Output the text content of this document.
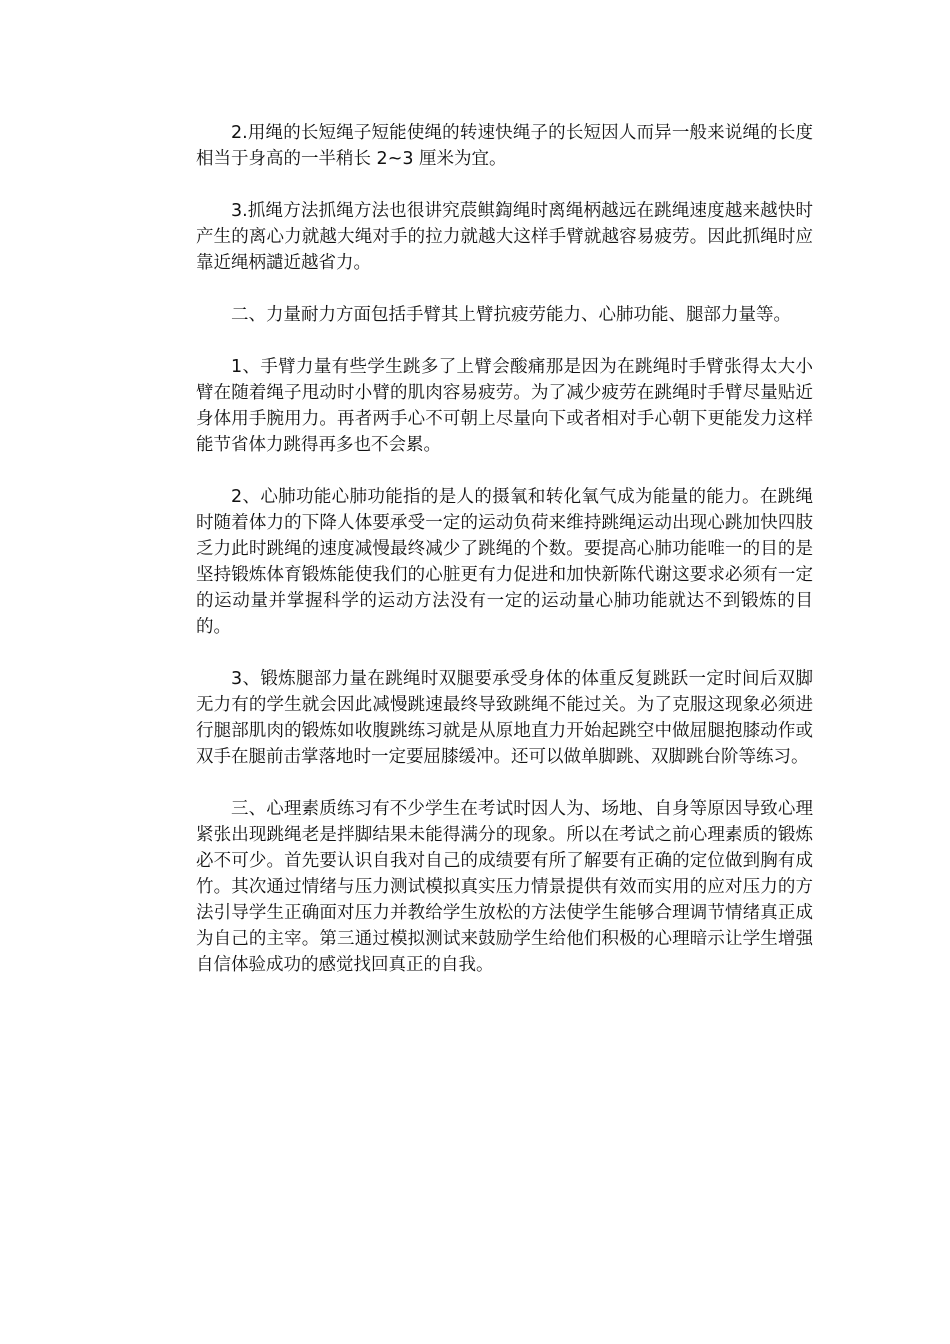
2.用绳的长短绳子短能使绳的转速快绳子的长短因人而异一般来说绳的长度相当于身高的一半稍长 2~3 厘米为宜。

3.抓绳方法抓绳方法也很讲究莀鲯鍧绳时离绳柄越远在跳绳速度越来越快时产生的离心力就越大绳对手的拉力就越大这样手臂就越容易疲劳。因此抓绳时应靠近绳柄譴近越省力。

二、力量耐力方面包括手臂其上臂抗疲劳能力、心肺功能、腿部力量等。

1、手臂力量有些学生跳多了上臂会酸痛那是因为在跳绳时手臂张得太大小臂在随着绳子甩动时小臂的肌肉容易疲劳。为了减少疲劳在跳绳时手臂尽量贴近身体用手腕用力。再者两手心不可朝上尽量向下或者相对手心朝下更能发力这样能节省体力跳得再多也不会累。

2、心肺功能心肺功能指的是人的摄氧和转化氧气成为能量的能力。在跳绳时随着体力的下降人体要承受一定的运动负荷来维持跳绳运动出现心跳加快四肢乏力此时跳绳的速度减慢最终减少了跳绳的个数。要提高心肺功能唯一的目的是坚持锻炼体育锻炼能使我们的心脏更有力促进和加快新陈代谢这要求必须有一定的运动量并掌握科学的运动方法没有一定的运动量心肺功能就达不到锻炼的目的。

3、锻炼腿部力量在跳绳时双腿要承受身体的体重反复跳跃一定时间后双脚无力有的学生就会因此减慢跳速最终导致跳绳不能过关。为了克服这现象必须进行腿部肌肉的锻炼如收腹跳练习就是从原地直力开始起跳空中做屈腿抱膝动作或双手在腿前击掌落地时一定要屈膝缓冲。还可以做单脚跳、双脚跳台阶等练习。

三、心理素质练习有不少学生在考试时因人为、场地、自身等原因导致心理紧张出现跳绳老是拌脚结果未能得满分的现象。所以在考试之前心理素质的锻炼必不可少。首先要认识自我对自己的成绩要有所了解要有正确的定位做到胸有成竹。其次通过情绪与压力测试模拟真实压力情景提供有效而实用的应对压力的方法引导学生正确面对压力并教给学生放松的方法使学生能够合理调节情绪真正成为自己的主宰。第三通过模拟测试来鼓励学生给他们积极的心理暗示让学生增强自信体验成功的感觉找回真正的自我。
